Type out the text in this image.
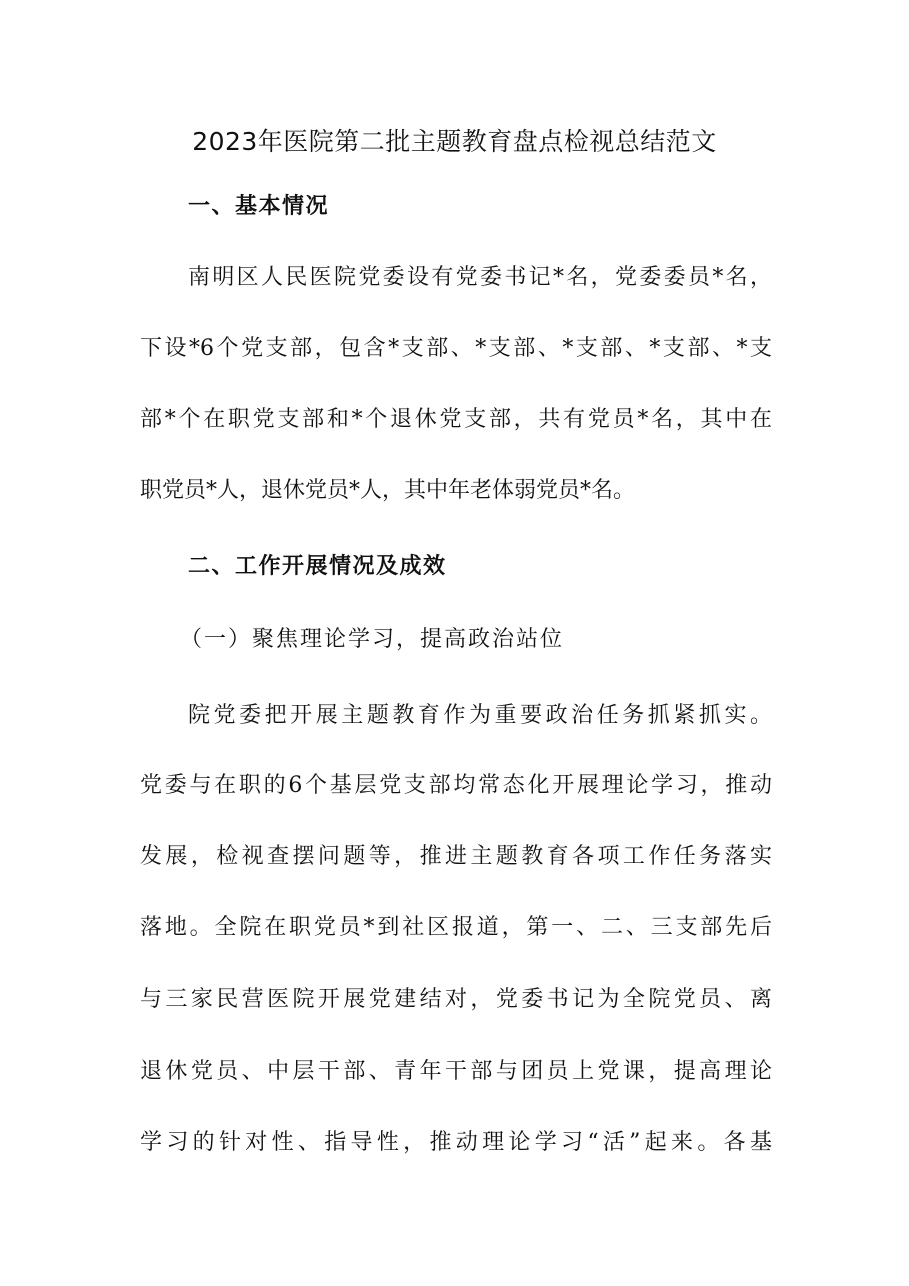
2023年医院第二批主题教育盘点检视总结范文
一、基本情况
南明区人民医院党委设有党委书记*名，党委委员*名，
下设*6个党支部，包含*支部、*支部、*支部、*支部、*支
部*个在职党支部和*个退休党支部，共有党员*名，其中在
职党员*人，退休党员*人，其中年老体弱党员*名。
二、工作开展情况及成效
（一）聚焦理论学习，提高政治站位
院党委把开展主题教育作为重要政治任务抓紧抓实。
党委与在职的6个基层党支部均常态化开展理论学习，推动
发展，检视查摆问题等，推进主题教育各项工作任务落实
落地。全院在职党员*到社区报道，第一、二、三支部先后
与三家民营医院开展党建结对，党委书记为全院党员、离
退休党员、中层干部、青年干部与团员上党课，提高理论
学习的针对性、指导性，推动理论学习“活”起来。各基
